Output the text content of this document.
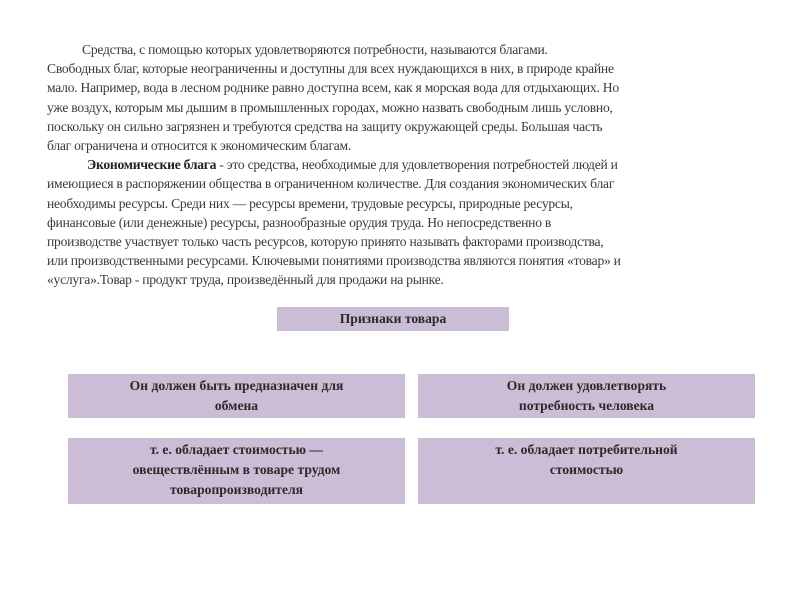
Средства, с помощью которых удовлетворяются потребности, называются благами.
Свободных благ, которые неограниченны и доступны для всех нуждающихся в них, в природе крайне
мало. Например, вода в лесном роднике равно доступна всем, как я морская вода для отдыхающих. Но
уже воздух, которым мы дышим в промышленных городах, можно назвать свободным лишь условно,
поскольку он сильно загрязнен и требуются средства на защиту окружающей среды. Большая часть
благ ограничена и относится к экономическим благам.
Экономические блага - это средства, необходимые для удовлетворения потребностей людей и
имеющиеся в распоряжении общества в ограниченном количестве. Для создания экономических благ
необходимы ресурсы. Среди них — ресурсы времени, трудовые ресурсы, природные ресурсы,
финансовые (или денежные) ресурсы, разнообразные орудия труда. Но непосредственно в
производстве участвует только часть ресурсов, которую принято называть факторами производства,
или производственными ресурсами. Ключевыми понятиями производства являются понятия «товар» и
«услуга».Товар - продукт труда, произведённый для продажи на рынке.
Признаки товара
Он должен быть предназначен для
обмена
Он должен удовлетворять
потребность человека
т. е. обладает стоимостью —
овеществлённым в товаре трудом
товаропроизводителя
т. е. обладает потребительной
стоимостью
